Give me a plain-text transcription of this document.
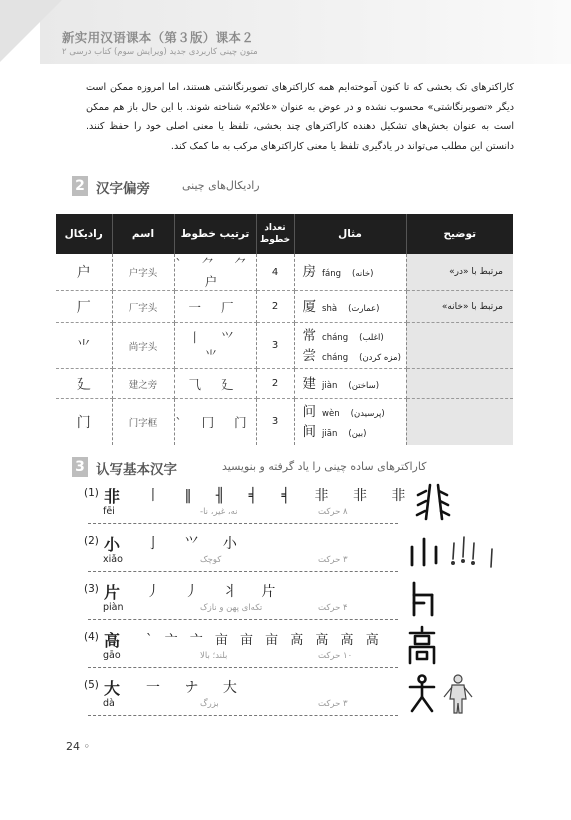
新实用汉语课本（第３版）课本２
متون چینی کاربردی جدید (ویرایش سوم) کتاب درسی ۲

کاراکترهای تک بخشی که تا کنون آموخته‌ایم همه کاراکترهای تصویرنگاشتی هستند، اما امروزه ممکن است دیگر «تصویرنگاشتی» محسوب نشده و در عوض به عنوان «علائم» شناخته شوند. با این حال باز هم ممکن است به عنوان بخش‌های تشکیل دهنده کاراکترهای چند بخشی، تلفظ یا معنی اصلی خود را حفظ کنند. دانستن این مطلب می‌تواند در یادگیری تلفظ یا معنی کاراکترهای مرکب به ما کمک کند.

2 汉字偏旁	رادیکال‌های چینی
رادیکال	اسم	ترتیب خطوط	تعداد خطوط	مثال	توضیح
户	户字头	` ⺈ ⺈ 户	4	房 fáng (خانه)	مرتبط با «در»
厂	厂字头	一 厂	2	厦 shà (عمارت)	مرتبط با «خانه»
⺌	尚字头	丨 ⺍ ⺌	3	常 cháng (اغلب)
尝 cháng (مزه کردن)	

廴	建之旁	⺄ 廴	2	建 jiàn (ساختن)	

门	门字框	` 冂 门	3	问 wèn (پرسیدن)
间 jiān (بین)	

3 认写基本汉字	کاراکترهای ساده چینی را یاد گرفته و بنویسید
(1) 非 丨 ‖ ╢ ╡ ╡ 非 非 非
fēi	نه، غیر، نا-	۸ حرکت
(2) 小 亅 ⺍ 小
xiǎo	کوچک	۳ حرکت
(3) 片 丿 丿 ⺦ 片
piàn	تکه‌ای پهن و نازک	۴ حرکت
(4) 高 ` 亠 亠 亩 亩 亩 高 高 高 高
gāo	بلند؛ بالا	۱۰ حرکت
(5) 大 一 ナ 大
dà	بزرگ	۳ حرکت
24 ◦
